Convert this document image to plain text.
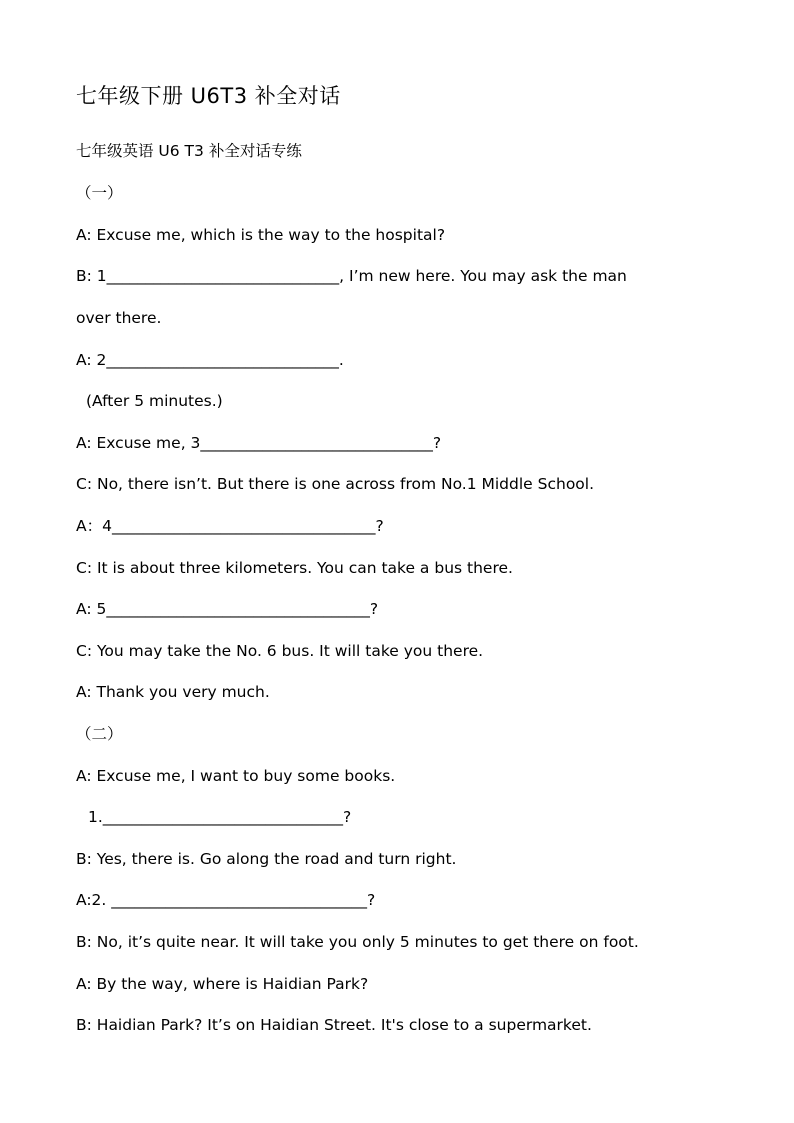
七年级下册 U6T3 补全对话
七年级英语 U6 T3 补全对话专练
（一）
A: Excuse me, which is the way to the hospital?
B: 1______________________________, I’m new here. You may ask the man
over there.
A: 2______________________________.
(After 5 minutes.)
A: Excuse me, 3______________________________?
C: No, there isn’t. But there is one across from No.1 Middle School.
A：4__________________________________?
C: It is about three kilometers. You can take a bus there.
A: 5__________________________________?
C: You may take the No. 6 bus. It will take you there.
A: Thank you very much.
（二）
A: Excuse me, I want to buy some books.
1._______________________________?
B: Yes, there is. Go along the road and turn right.
A:2. _________________________________?
B: No, it’s quite near. It will take you only 5 minutes to get there on foot.
A: By the way, where is Haidian Park?
B: Haidian Park? It’s on Haidian Street. It's close to a supermarket.
